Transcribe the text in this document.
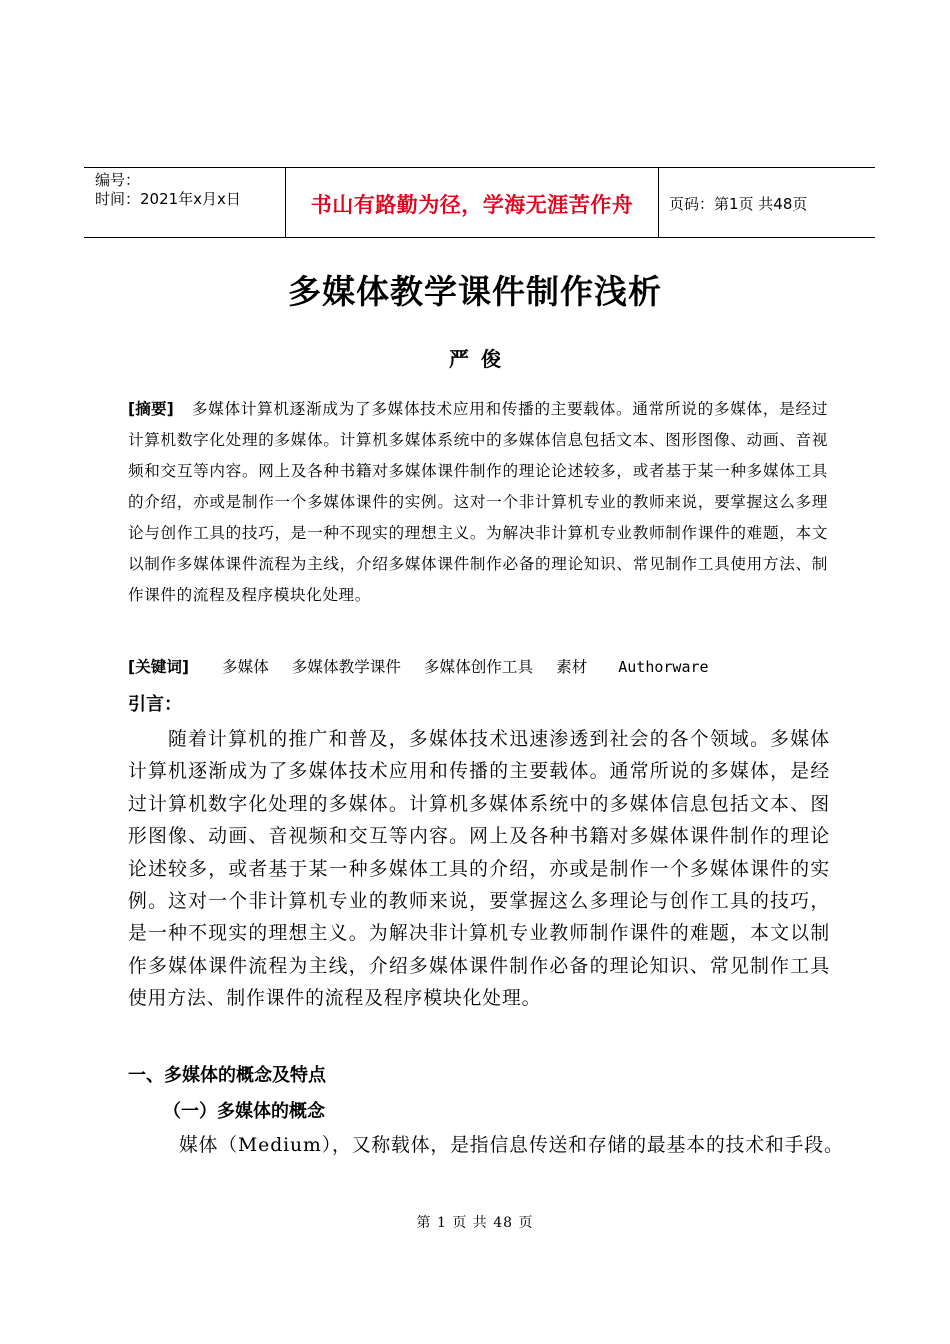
编号：
时间：2021年x月x日	书山有路勤为径，学海无涯苦作舟	页码：第1页 共48页
多媒体教学课件制作浅析
严俊
[摘要] 多媒体计算机逐渐成为了多媒体技术应用和传播的主要载体。通常所说的多媒体，是经过计算机数字化处理的多媒体。计算机多媒体系统中的多媒体信息包括文本、图形图像、动画、音视频和交互等内容。网上及各种书籍对多媒体课件制作的理论论述较多，或者基于某一种多媒体工具的介绍，亦或是制作一个多媒体课件的实例。这对一个非计算机专业的教师来说，要掌握这么多理论与创作工具的技巧，是一种不现实的理想主义。为解决非计算机专业教师制作课件的难题，本文以制作多媒体课件流程为主线，介绍多媒体课件制作必备的理论知识、常见制作工具使用方法、制作课件的流程及程序模块化处理。
[关键词] 多媒体 多媒体教学课件 多媒体创作工具 素材 Authorware
引言：
随着计算机的推广和普及，多媒体技术迅速渗透到社会的各个领域。多媒体计算机逐渐成为了多媒体技术应用和传播的主要载体。通常所说的多媒体，是经过计算机数字化处理的多媒体。计算机多媒体系统中的多媒体信息包括文本、图形图像、动画、音视频和交互等内容。网上及各种书籍对多媒体课件制作的理论论述较多，或者基于某一种多媒体工具的介绍，亦或是制作一个多媒体课件的实例。这对一个非计算机专业的教师来说，要掌握这么多理论与创作工具的技巧，是一种不现实的理想主义。为解决非计算机专业教师制作课件的难题，本文以制作多媒体课件流程为主线，介绍多媒体课件制作必备的理论知识、常见制作工具使用方法、制作课件的流程及程序模块化处理。
一、多媒体的概念及特点
（一）多媒体的概念
媒体（Medium），又称载体，是指信息传送和存储的最基本的技术和手段。
第 1 页 共 48 页
